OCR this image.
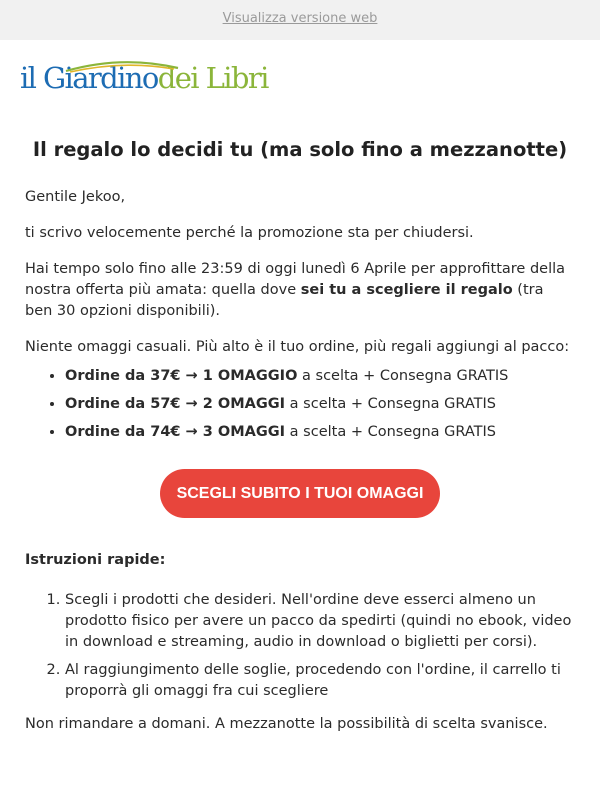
Visualizza versione web
il Giardinodei Libri
Il regalo lo decidi tu (ma solo fino a mezzanotte)

Gentile Jekoo,

ti scrivo velocemente perché la promozione sta per chiudersi.

Hai tempo solo fino alle 23:59 di oggi lunedì 6 Aprile per approfittare della nostra offerta più amata: quella dove sei tu a scegliere il regalo (tra ben 30 opzioni disponibili).

Niente omaggi casuali. Più alto è il tuo ordine, più regali aggiungi al pacco:

• Ordine da 37€ → 1 OMAGGIO a scelta + Consegna GRATIS
• Ordine da 57€ → 2 OMAGGI a scelta + Consegna GRATIS
• Ordine da 74€ → 3 OMAGGI a scelta + Consegna GRATIS
SCEGLI SUBITO I TUOI OMAGGI

Istruzioni rapide:

1. Scegli i prodotti che desideri. Nell'ordine deve esserci almeno un prodotto fisico per avere un pacco da spedirti (quindi no ebook, video in download e streaming, audio in download o biglietti per corsi).
2. Al raggiungimento delle soglie, procedendo con l'ordine, il carrello ti proporrà gli omaggi fra cui scegliere

Non rimandare a domani. A mezzanotte la possibilità di scelta svanisce.
